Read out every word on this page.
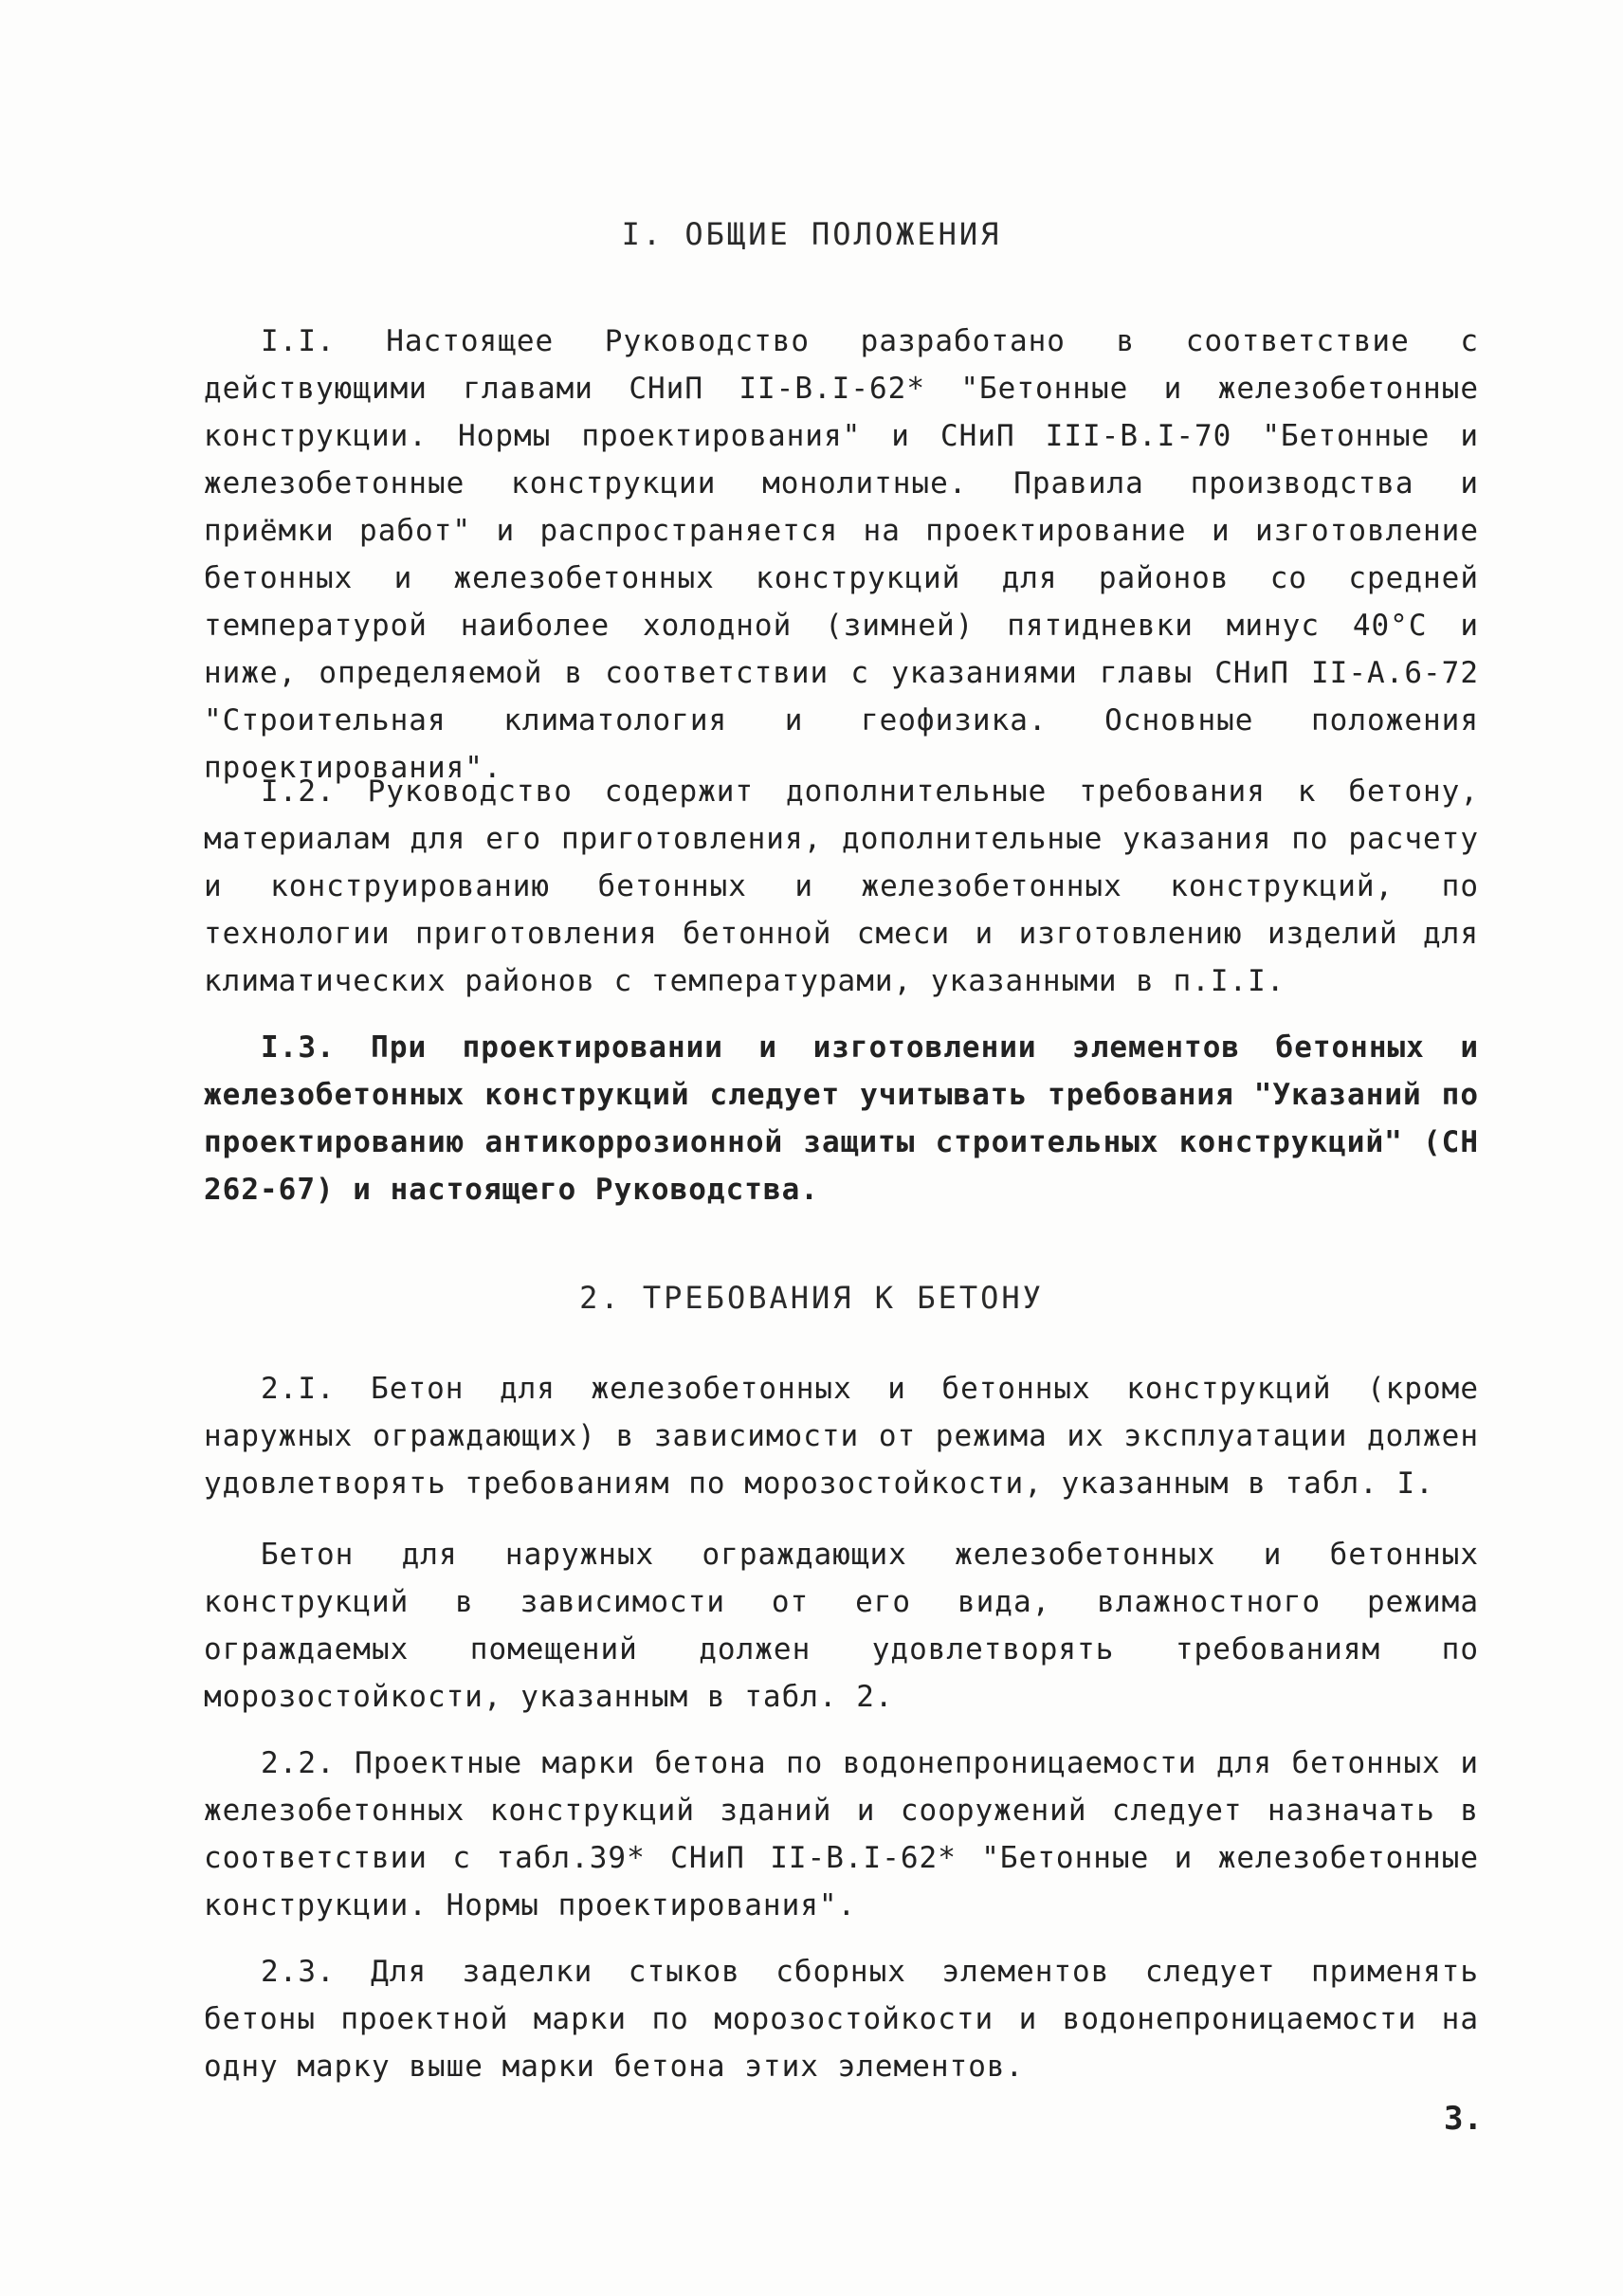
I. ОБЩИЕ ПОЛОЖЕНИЯ

I.I. Настоящее Руководство разработано в соответствие с действующими главами СНиП II-В.I-62* "Бетонные и железобетонные конструкции. Нормы проектирования" и СНиП III-В.I-70 "Бетонные и железобетонные конструкции монолитные. Правила производства и приёмки работ" и распространяется на проектирование и изготовление бетонных и железобетонных конструкций для районов со средней температурой наиболее холодной (зимней) пятидневки минус 40°С и ниже, определяемой в соответствии с указаниями главы СНиП II-А.6-72 "Строительная климатология и геофизика. Основные положения проектирования".

I.2. Руководство содержит дополнительные требования к бетону, материалам для его приготовления, дополнительные указания по расчету и конструированию бетонных и железобетонных конструкций, по технологии приготовления бетонной смеси и изготовлению изделий для климатических районов с температурами, указанными в п.I.I.

I.3. При проектировании и изготовлении элементов бетонных и железобетонных конструкций следует учитывать требования "Указаний по проектированию антикоррозионной защиты строительных конструкций" (СН 262-67) и настоящего Руководства.

2. ТРЕБОВАНИЯ К БЕТОНУ

2.I. Бетон для железобетонных и бетонных конструкций (кроме наружных ограждающих) в зависимости от режима их эксплуатации должен удовлетворять требованиям по морозостойкости, указанным в табл. I.

Бетон для наружных ограждающих железобетонных и бетонных конструкций в зависимости от его вида, влажностного режима ограждаемых помещений должен удовлетворять требованиям по морозостойкости, указанным в табл. 2.

2.2. Проектные марки бетона по водонепроницаемости для бетонных и железобетонных конструкций зданий и сооружений следует назначать в соответствии с табл.39* СНиП II-В.I-62* "Бетонные и железобетонные конструкции. Нормы проектирования".

2.3. Для заделки стыков сборных элементов следует применять бетоны проектной марки по морозостойкости и водонепроницаемости на одну марку выше марки бетона этих элементов.

3.
